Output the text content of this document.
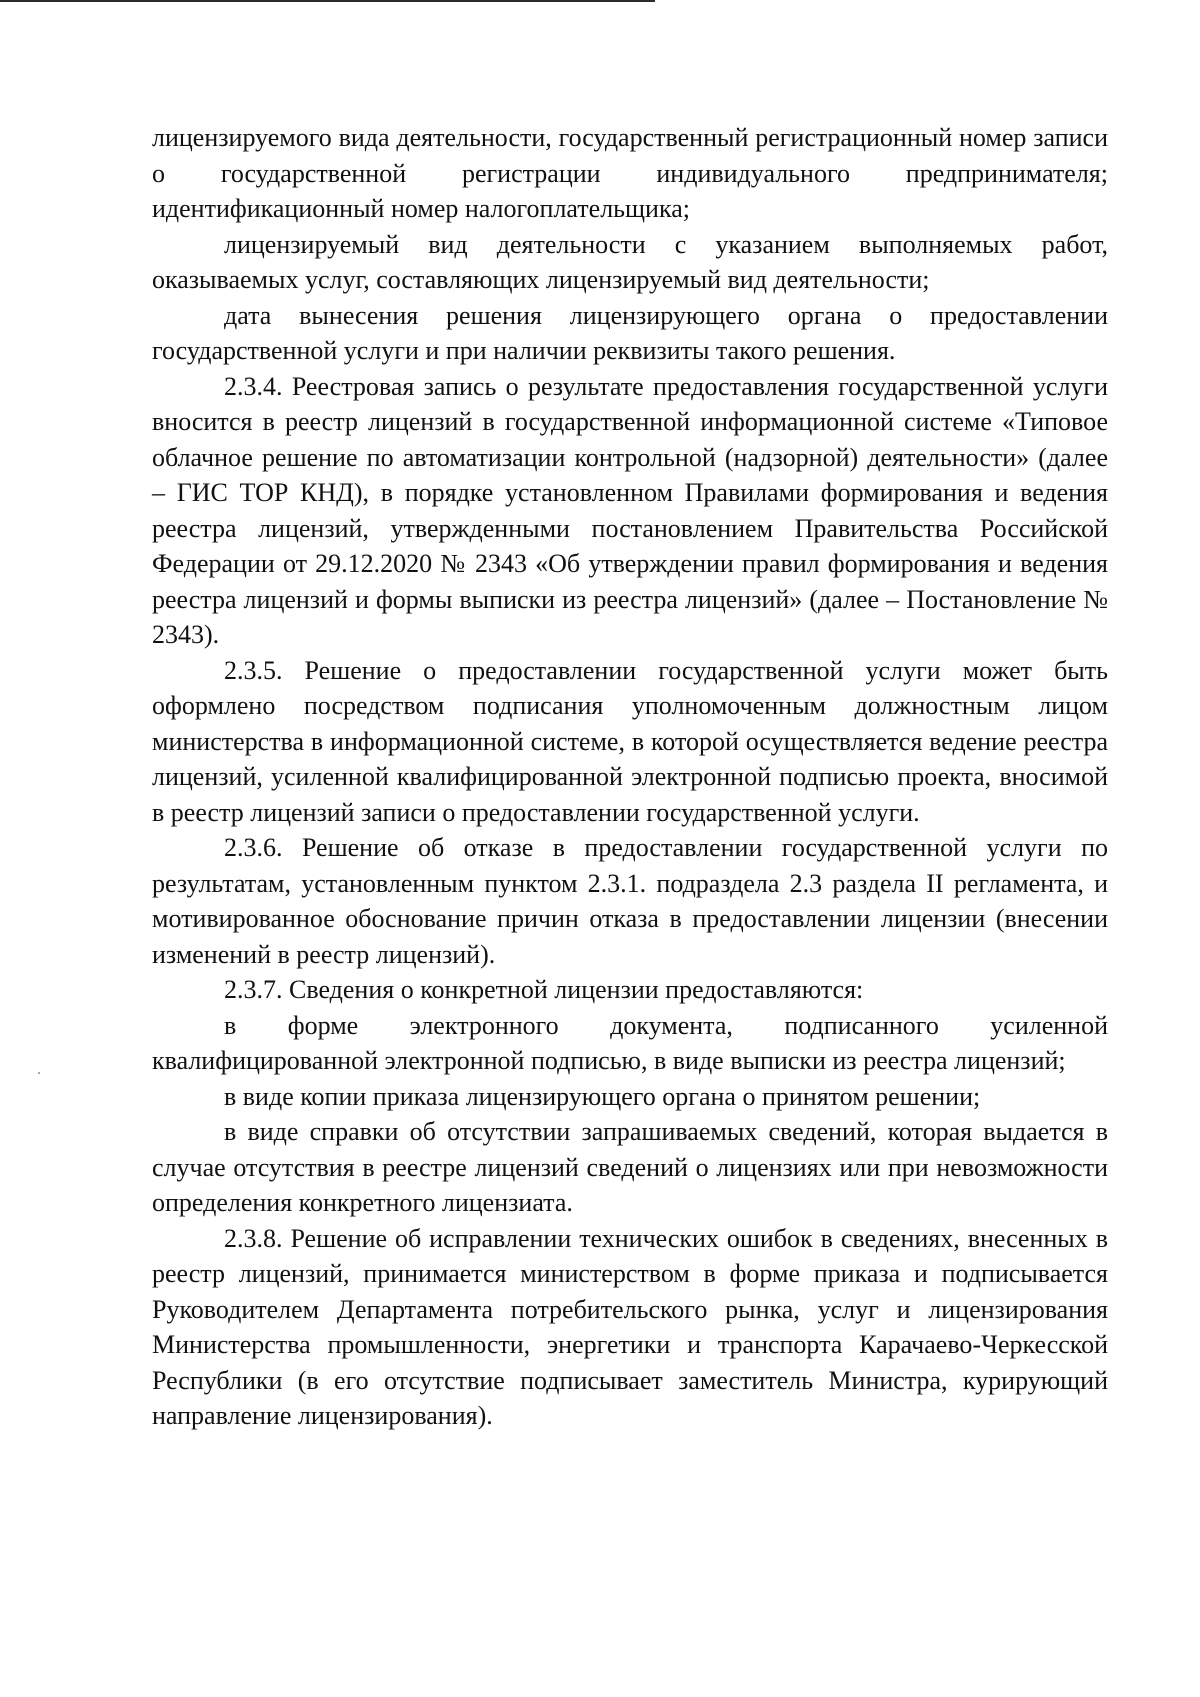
лицензируемого вида деятельности, государственный регистрационный номер записи о государственной регистрации индивидуального предпринимателя; идентификационный номер налогоплательщика;

лицензируемый вид деятельности с указанием выполняемых работ, оказываемых услуг, составляющих лицензируемый вид деятельности;

дата вынесения решения лицензирующего органа о предоставлении государственной услуги и при наличии реквизиты такого решения.

2.3.4. Реестровая запись о результате предоставления государственной услуги вносится в реестр лицензий в государственной информационной системе «Типовое облачное решение по автоматизации контрольной (надзорной) деятельности» (далее – ГИС ТОР КНД), в порядке установленном Правилами формирования и ведения реестра лицензий, утвержденными постановлением Правительства Российской Федерации от 29.12.2020 № 2343 «Об утверждении правил формирования и ведения реестра лицензий и формы выписки из реестра лицензий» (далее – Постановление № 2343).

2.3.5. Решение о предоставлении государственной услуги может быть оформлено посредством подписания уполномоченным должностным лицом министерства в информационной системе, в которой осуществляется ведение реестра лицензий, усиленной квалифицированной электронной подписью проекта, вносимой в реестр лицензий записи о предоставлении государственной услуги.

2.3.6. Решение об отказе в предоставлении государственной услуги по результатам, установленным пунктом 2.3.1. подраздела 2.3 раздела II регламента, и мотивированное обоснование причин отказа в предоставлении лицензии (внесении изменений в реестр лицензий).

2.3.7. Сведения о конкретной лицензии предоставляются:

в форме электронного документа, подписанного усиленной квалифицированной электронной подписью, в виде выписки из реестра лицензий;

в виде копии приказа лицензирующего органа о принятом решении;

в виде справки об отсутствии запрашиваемых сведений, которая выдается в случае отсутствия в реестре лицензий сведений о лицензиях или при невозможности определения конкретного лицензиата.

2.3.8. Решение об исправлении технических ошибок в сведениях, внесенных в реестр лицензий, принимается министерством в форме приказа и подписывается Руководителем Департамента потребительского рынка, услуг и лицензирования Министерства промышленности, энергетики и транспорта Карачаево-Черкесской Республики (в его отсутствие подписывает заместитель Министра, курирующий направление лицензирования).
